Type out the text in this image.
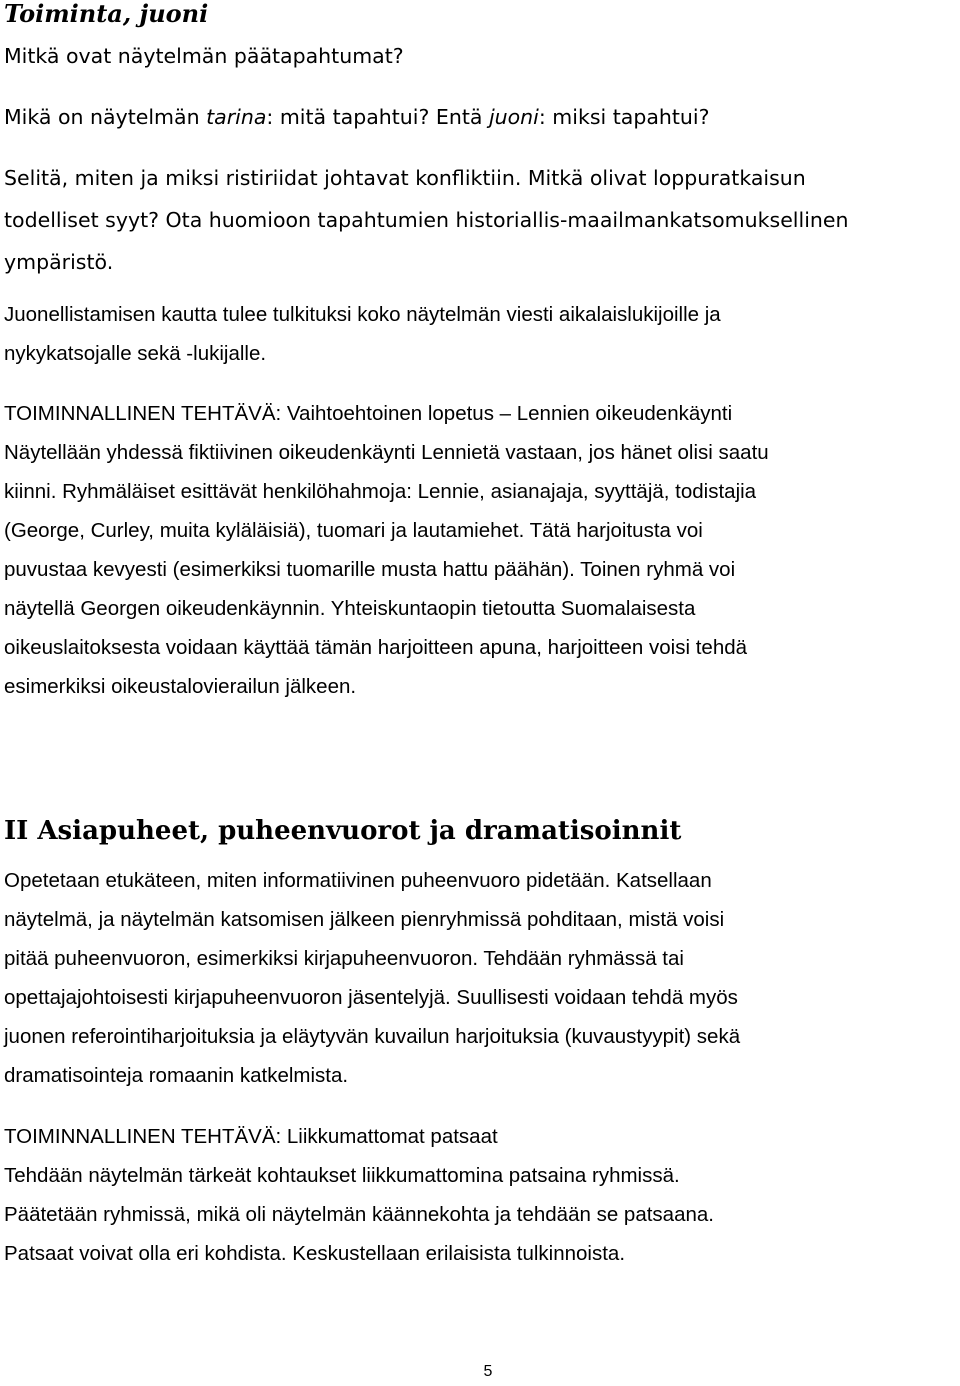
Toiminta, juoni

Mitkä ovat näytelmän päätapahtumat?

Mikä on näytelmän tarina: mitä tapahtui? Entä juoni: miksi tapahtui?

Selitä, miten ja miksi ristiriidat johtavat konfliktiin. Mitkä olivat loppuratkaisun
todelliset syyt? Ota huomioon tapahtumien historiallis-maailmankatsomuksellinen
ympäristö.

Juonellistamisen kautta tulee tulkituksi koko näytelmän viesti aikalaislukijoille ja
nykykatsojalle sekä -lukijalle.

TOIMINNALLINEN TEHTÄVÄ: Vaihtoehtoinen lopetus – Lennien oikeudenkäynti
Näytellään yhdessä fiktiivinen oikeudenkäynti Lennietä vastaan, jos hänet olisi saatu
kiinni. Ryhmäläiset esittävät henkilöhahmoja: Lennie, asianajaja, syyttäjä, todistajia
(George, Curley, muita kyläläisiä), tuomari ja lautamiehet. Tätä harjoitusta voi
puvustaa kevyesti (esimerkiksi tuomarille musta hattu päähän). Toinen ryhmä voi
näytellä Georgen oikeudenkäynnin. Yhteiskuntaopin tietoutta Suomalaisesta
oikeuslaitoksesta voidaan käyttää tämän harjoitteen apuna, harjoitteen voisi tehdä
esimerkiksi oikeustalovierailun jälkeen.

II Asiapuheet, puheenvuorot ja dramatisoinnit

Opetetaan etukäteen, miten informatiivinen puheenvuoro pidetään. Katsellaan
näytelmä, ja näytelmän katsomisen jälkeen pienryhmissä pohditaan, mistä voisi
pitää puheenvuoron, esimerkiksi kirjapuheenvuoron. Tehdään ryhmässä tai
opettajajohtoisesti kirjapuheenvuoron jäsentelyjä. Suullisesti voidaan tehdä myös
juonen referointiharjoituksia ja eläytyvän kuvailun harjoituksia (kuvaustyypit) sekä
dramatisointeja romaanin katkelmista.

TOIMINNALLINEN TEHTÄVÄ: Liikkumattomat patsaat
Tehdään näytelmän tärkeät kohtaukset liikkumattomina patsaina ryhmissä.
Päätetään ryhmissä, mikä oli näytelmän käännekohta ja tehdään se patsaana.
Patsaat voivat olla eri kohdista. Keskustellaan erilaisista tulkinnoista.

5
